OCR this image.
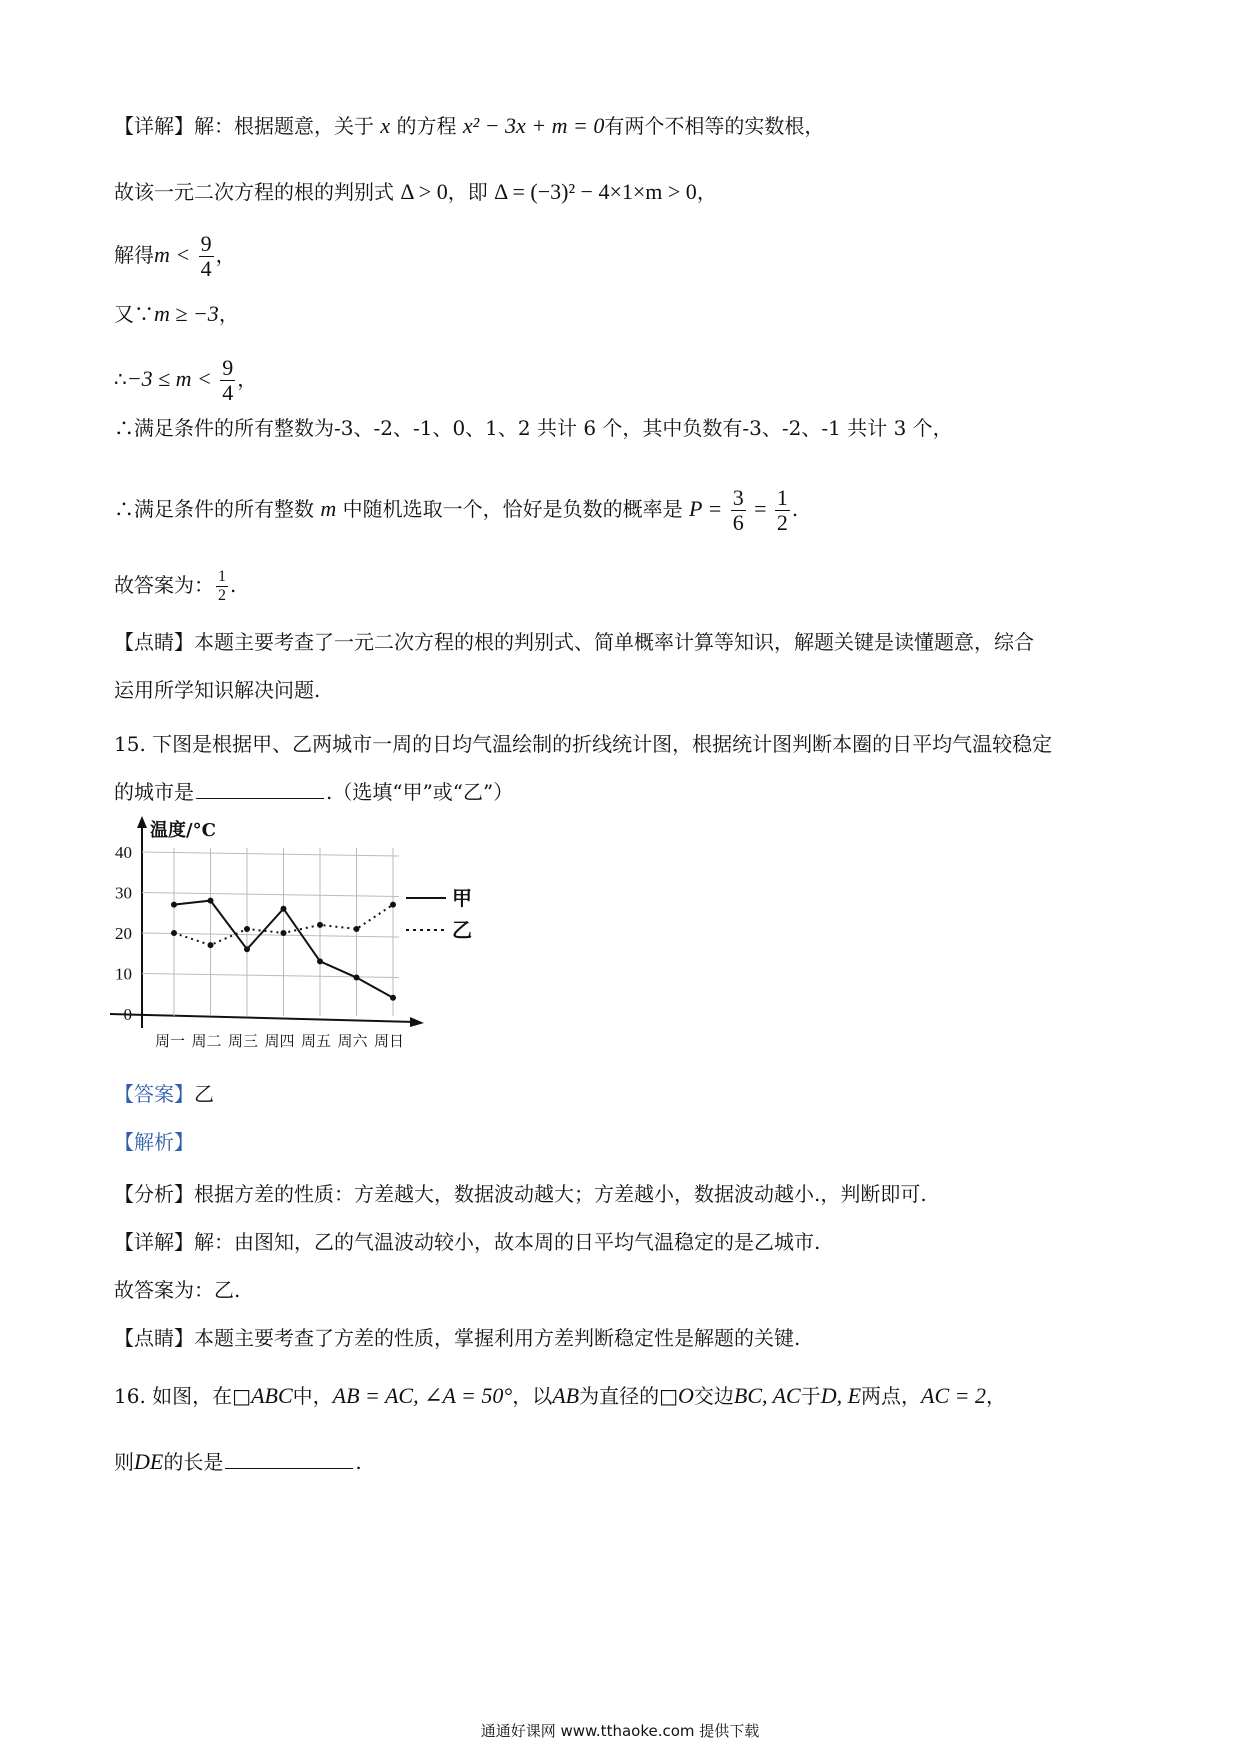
【详解】解：根据题意，关于 x 的方程 x² − 3x + m = 0有两个不相等的实数根，
故该一元二次方程的根的判别式 Δ > 0，即 Δ = (−3)² − 4×1×m > 0，
解得$m < \frac{9}{4}$ ，
又∵m ≥ −3，
∴−3 ≤ $m < \frac{9}{4}$ ，
∴满足条件的所有整数为-3、-2、-1、0、1、2 共计 6 个，其中负数有-3、-2、-1 共计 3 个，
∴满足条件的所有整数 m 中随机选取一个，恰好是负数的概率是 $P = \frac{3}{6} = \frac{1}{2}$ .
故答案为： $\frac{1}{2}$ .
【点睛】本题主要考查了一元二次方程的根的判别式、简单概率计算等知识，解题关键是读懂题意，综合
运用所学知识解决问题.
15. 下图是根据甲、乙两城市一周的日均气温绘制的折线统计图，根据统计图判断本圈的日平均气温较稳定
的城市是	.（选填“甲”或“乙”）
40
30
20
10
0
温度/°C
周一 周二 周三 周四 周五 周六 周日
甲
乙
【答案】乙
【解析】
【分析】根据方差的性质：方差越大，数据波动越大；方差越小，数据波动越小.，判断即可.
【详解】解：由图知，乙的气温波动较小，故本周的日平均气温稳定的是乙城市.
故答案为：乙.
【点睛】本题主要考查了方差的性质，掌握利用方差判断稳定性是解题的关键.
16. 如图，在□ABC中，AB = AC, ∠A = 50°，以AB为直径的□O交边BC, AC于D, E两点，AC = 2，
则DE的长是	.
通通好课网 www.tthaoke.com 提供下载
